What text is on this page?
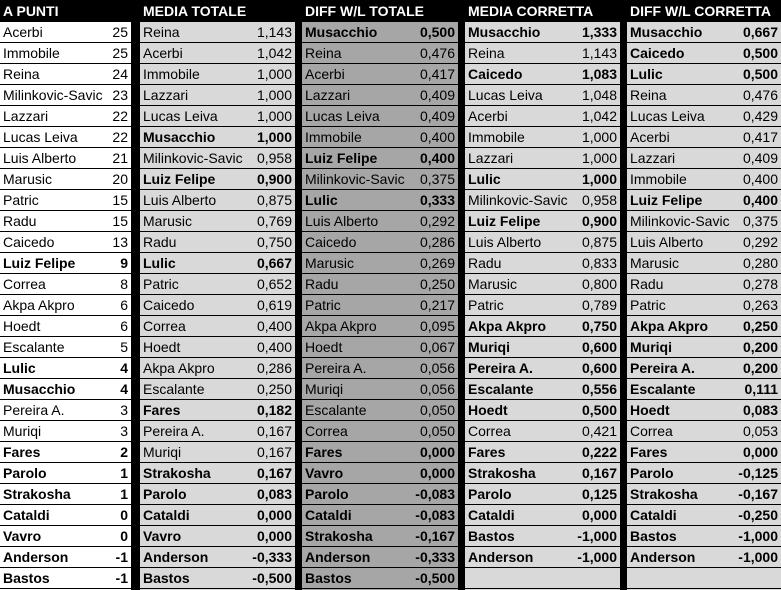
A PUNTI
Acerbi	25
Immobile	25
Reina	24
Milinkovic-Savic 23
Lazzari	22
Lucas Leiva 22
Luis Alberto	21
Marusic	20
Patric	15
Radu	15
Caicedo	13
Luiz Felipe	9
Correa	8
Akpa Akpro	6
Hoedt	6
Escalante	5
Lulic	4
Musacchio	4
Pereira A.	3
Muriqi	3
Fares	2
Parolo	1
Strakosha	1
Cataldi	0
Vavro	0
Anderson	-1
Bastos	-1
MEDIA TOTALE
Reina	1,143
Acerbi	1,042
Immobile	1,000
Lazzari	1,000
Lucas Leiva	1,000
Musacchio	1,000
Milinkovic-Savic 0,958
Luiz Felipe	0,900
Luis Alberto	0,875
Marusic	0,769
Radu	0,750
Lulic	0,667
Patric	0,652
Caicedo	0,619
Correa	0,400
Hoedt	0,400
Akpa Akpro	0,286
Escalante	0,250
Fares	0,182
Pereira A.	0,167
Muriqi	0,167
Strakosha	0,167
Parolo	0,083
Cataldi	0,000
Vavro	0,000
Anderson	-0,333
Bastos	-0,500
DIFF W/L TOTALE
Musacchio	0,500
Reina	0,476
Acerbi	0,417
Lazzari	0,409
Lucas Leiva	0,409
Immobile	0,400
Luiz Felipe	0,400
Milinkovic-Savic 0,375
Lulic	0,333
Luis Alberto	0,292
Caicedo	0,286
Marusic	0,269
Radu	0,250
Patric	0,217
Akpa Akpro	0,095
Hoedt	0,067
Pereira A.	0,056
Muriqi	0,056
Escalante	0,050
Correa	0,050
Fares	0,000
Vavro	0,000
Parolo	-0,083
Cataldi	-0,083
Strakosha	-0,167
Anderson	-0,333
Bastos	-0,500
MEDIA CORRETTA
Musacchio	1,333
Reina	1,143
Caicedo	1,083
Lucas Leiva	1,048
Acerbi	1,042
Immobile	1,000
Lazzari	1,000
Lulic	1,000
Milinkovic-Savic 0,958
Luiz Felipe	0,900
Luis Alberto	0,875
Radu	0,833
Marusic	0,800
Patric	0,789
Akpa Akpro	0,750
Muriqi	0,600
Pereira A.	0,600
Escalante	0,556
Hoedt	0,500
Correa	0,421
Fares	0,222
Strakosha	0,167
Parolo	0,125
Cataldi	0,000
Bastos	-1,000
Anderson	-1,000
DIFF W/L CORRETTA
Musacchio	0,667
Caicedo	0,500
Lulic	0,500
Reina	0,476
Lucas Leiva	0,429
Acerbi	0,417
Lazzari	0,409
Immobile	0,400
Luiz Felipe	0,400
Milinkovic-Savic 0,375
Luis Alberto	0,292
Marusic	0,280
Radu	0,278
Patric	0,263
Akpa Akpro 0,250
Muriqi	0,200
Pereira A.	0,200
Escalante	0,111
Hoedt	0,083
Correa	0,053
Fares	0,000
Parolo	-0,125
Strakosha	-0,167
Cataldi	-0,250
Bastos	-1,000
Anderson	-1,000
